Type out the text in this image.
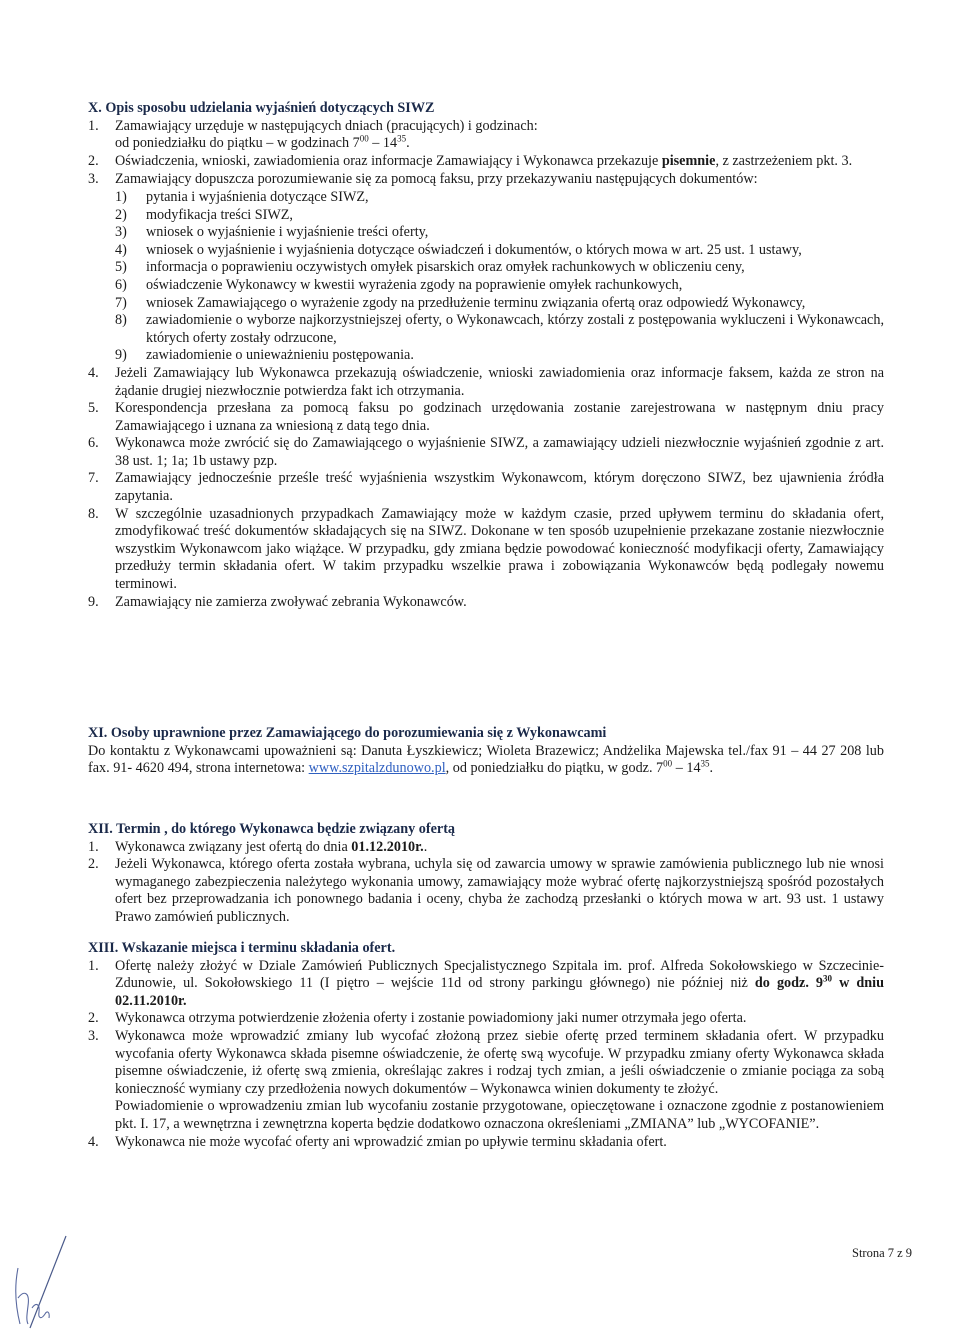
X. Opis sposobu udzielania wyjaśnień dotyczących SIWZ
1. Zamawiający urzęduje w następujących dniach (pracujących) i godzinach:
od poniedziałku do piątku – w godzinach $7^{00} - 14^{35}$.
2. Oświadczenia, wnioski, zawiadomienia oraz informacje Zamawiający i Wykonawca przekazuje pisemnie, z zastrzeżeniem pkt. 3.
3. Zamawiający dopuszcza porozumiewanie się za pomocą faksu, przy przekazywaniu następujących dokumentów:
1) pytania i wyjaśnienia dotyczące SIWZ,
2) modyfikacja treści SIWZ,
3) wniosek o wyjaśnienie i wyjaśnienie treści oferty,
4) wniosek o wyjaśnienie i wyjaśnienia dotyczące oświadczeń i dokumentów, o których mowa w art. 25 ust. 1 ustawy,
5) informacja o poprawieniu oczywistych omyłek pisarskich oraz omyłek rachunkowych w obliczeniu ceny,
6) oświadczenie Wykonawcy w kwestii wyrażenia zgody na poprawienie omyłek rachunkowych,
7) wniosek Zamawiającego o wyrażenie zgody na przedłużenie terminu związania ofertą oraz odpowiedź Wykonawcy,
8) zawiadomienie o wyborze najkorzystniejszej oferty, o Wykonawcach, którzy zostali z postępowania wykluczeni i Wykonawcach, których oferty zostały odrzucone,
9) zawiadomienie o unieważnieniu postępowania.
4. Jeżeli Zamawiający lub Wykonawca przekazują oświadczenie, wnioski zawiadomienia oraz informacje faksem, każda ze stron na żądanie drugiej niezwłocznie potwierdza fakt ich otrzymania.
5. Korespondencja przesłana za pomocą faksu po godzinach urzędowania zostanie zarejestrowana w następnym dniu pracy Zamawiającego i uznana za wniesioną z datą tego dnia.
6. Wykonawca może zwrócić się do Zamawiającego o wyjaśnienie SIWZ, a zamawiający udzieli niezwłocznie wyjaśnień zgodnie z art. 38 ust. 1; 1a; 1b ustawy pzp.
7. Zamawiający jednocześnie prześle treść wyjaśnienia wszystkim Wykonawcom, którym doręczono SIWZ, bez ujawnienia źródła zapytania.
8. W szczególnie uzasadnionych przypadkach Zamawiający może w każdym czasie, przed upływem terminu do składania ofert, zmodyfikować treść dokumentów składających się na SIWZ. Dokonane w ten sposób uzupełnienie przekazane zostanie niezwłocznie wszystkim Wykonawcom jako wiążące. W przypadku, gdy zmiana będzie powodować konieczność modyfikacji oferty, Zamawiający przedłuży termin składania ofert. W takim przypadku wszelkie prawa i zobowiązania Wykonawców będą podlegały nowemu terminowi.
9. Zamawiający nie zamierza zwoływać zebrania Wykonawców.
XI. Osoby uprawnione przez Zamawiającego do porozumiewania się z Wykonawcami
Do kontaktu z Wykonawcami upoważnieni są: Danuta Łyszkiewicz; Wioleta Brazewicz; Andżelika Majewska tel./fax 91 – 44 27 208 lub fax. 91- 4620 494, strona internetowa: www.szpitalzdunowo.pl, od poniedziałku do piątku, w godz. $7^{00} - 14^{35}$.
XII. Termin , do którego Wykonawca będzie związany ofertą
1. Wykonawca związany jest ofertą do dnia 01.12.2010r..
2. Jeżeli Wykonawca, którego oferta została wybrana, uchyla się od zawarcia umowy w sprawie zamówienia publicznego lub nie wnosi wymaganego zabezpieczenia należytego wykonania umowy, zamawiający może wybrać ofertę najkorzystniejszą spośród pozostałych ofert bez przeprowadzania ich ponownego badania i oceny, chyba że zachodzą przesłanki o których mowa w art. 93 ust. 1 ustawy Prawo zamówień publicznych.
XIII. Wskazanie miejsca i terminu składania ofert.
1. Ofertę należy złożyć w Dziale Zamówień Publicznych Specjalistycznego Szpitala im. prof. Alfreda Sokołowskiego w Szczecinie-Zdunowie, ul. Sokołowskiego 11 (I piętro – wejście 11d od strony parkingu głównego) nie później niż do godz. $9^{30}$ w dniu 02.11.2010r.
2. Wykonawca otrzyma potwierdzenie złożenia oferty i zostanie powiadomiony jaki numer otrzymała jego oferta.
3. Wykonawca może wprowadzić zmiany lub wycofać złożoną przez siebie ofertę przed terminem składania ofert. W przypadku wycofania oferty Wykonawca składa pisemne oświadczenie, że ofertę swą wycofuje. W przypadku zmiany oferty Wykonawca składa pisemne oświadczenie, iż ofertę swą zmienia, określając zakres i rodzaj tych zmian, a jeśli oświadczenie o zmianie pociąga za sobą konieczność wymiany czy przedłożenia nowych dokumentów – Wykonawca winien dokumenty te złożyć.
Powiadomienie o wprowadzeniu zmian lub wycofaniu zostanie przygotowane, opieczętowane i oznaczone zgodnie z postanowieniem pkt. I. 17, a wewnętrzna i zewnętrzna koperta będzie dodatkowo oznaczona określeniami „ZMIANA” lub „WYCOFANIE”.
4. Wykonawca nie może wycofać oferty ani wprowadzić zmian po upływie terminu składania ofert.
Strona 7 z 9
